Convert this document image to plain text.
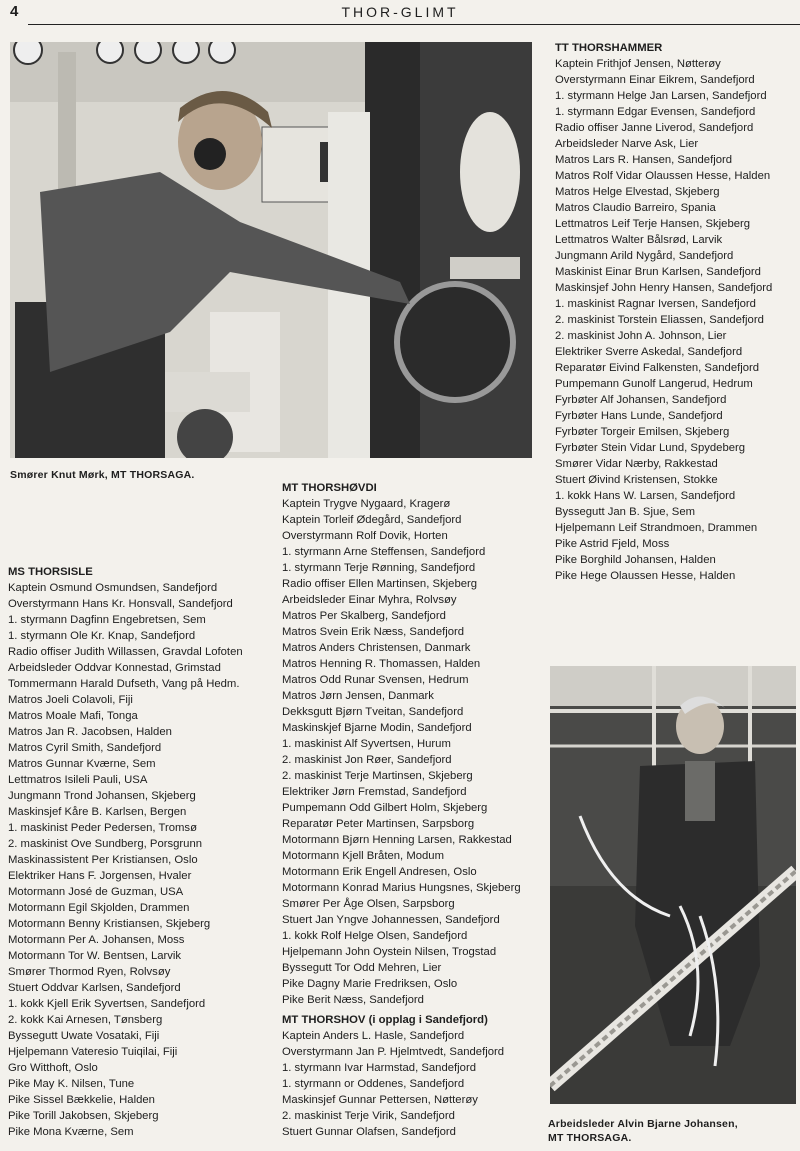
4	THOR-GLIMT
Smører Knut Mørk, MT THORSAGA.
TT THORSHAMMER
Kaptein Frithjof Jensen, Nøtterøy
Overstyrmann Einar Eikrem, Sandefjord
1. styrmann Helge Jan Larsen, Sandefjord
1. styrmann Edgar Evensen, Sandefjord
Radio offiser Janne Liverod, Sandefjord
Arbeidsleder Narve Ask, Lier
Matros Lars R. Hansen, Sandefjord
Matros Rolf Vidar Olaussen Hesse, Halden
Matros Helge Elvestad, Skjeberg
Matros Claudio Barreiro, Spania
Lettmatros Leif Terje Hansen, Skjeberg
Lettmatros Walter Bålsrød, Larvik
Jungmann Arild Nygård, Sandefjord
Maskinist Einar Brun Karlsen, Sandefjord
Maskinsjef John Henry Hansen, Sandefjord
1. maskinist Ragnar Iversen, Sandefjord
2. maskinist Torstein Eliassen, Sandefjord
2. maskinist John A. Johnson, Lier
Elektriker Sverre Askedal, Sandefjord
Reparatør Eivind Falkensten, Sandefjord
Pumpemann Gunolf Langerud, Hedrum
Fyrbøter Alf Johansen, Sandefjord
Fyrbøter Hans Lunde, Sandefjord
Fyrbøter Torgeir Emilsen, Skjeberg
Fyrbøter Stein Vidar Lund, Spydeberg
Smører Vidar Nærby, Rakkestad
Stuert Øivind Kristensen, Stokke
1. kokk Hans W. Larsen, Sandefjord
Byssegutt Jan B. Sjue, Sem
Hjelpemann Leif Strandmoen, Drammen
Pike Astrid Fjeld, Moss
Pike Borghild Johansen, Halden
Pike Hege Olaussen Hesse, Halden
MT THORSHØVDI
Kaptein Trygve Nygaard, Kragerø
Kaptein Torleif Ødegård, Sandefjord
Overstyrmann Rolf Dovik, Horten
1. styrmann Arne Steffensen, Sandefjord
1. styrmann Terje Rønning, Sandefjord
Radio offiser Ellen Martinsen, Skjeberg
Arbeidsleder Einar Myhra, Rolvsøy
Matros Per Skalberg, Sandefjord
Matros Svein Erik Næss, Sandefjord
Matros Anders Christensen, Danmark
Matros Henning R. Thomassen, Halden
Matros Odd Runar Svensen, Hedrum
Matros Jørn Jensen, Danmark
Dekksgutt Bjørn Tveitan, Sandefjord
Maskinskjef Bjarne Modin, Sandefjord
1. maskinist Alf Syvertsen, Hurum
2. maskinist Jon Røer, Sandefjord
2. maskinist Terje Martinsen, Skjeberg
Elektriker Jørn Fremstad, Sandefjord
Pumpemann Odd Gilbert Holm, Skjeberg
Reparatør Peter Martinsen, Sarpsborg
Motormann Bjørn Henning Larsen, Rakkestad
Motormann Kjell Bråten, Modum
Motormann Erik Engell Andresen, Oslo
Motormann Konrad Marius Hungsnes, Skjeberg
Smører Per Åge Olsen, Sarpsborg
Stuert Jan Yngve Johannessen, Sandefjord
1. kokk Rolf Helge Olsen, Sandefjord
Hjelpemann John Oystein Nilsen, Trogstad
Byssegutt Tor Odd Mehren, Lier
Pike Dagny Marie Fredriksen, Oslo
Pike Berit Næss, Sandefjord
MT THORSHOV (i opplag i Sandefjord)
Kaptein Anders L. Hasle, Sandefjord
Overstyrmann Jan P. Hjelmtvedt, Sandefjord
1. styrmann Ivar Harmstad, Sandefjord
1. styrmann or Oddenes, Sandefjord
Maskinsjef Gunnar Pettersen, Nøtterøy
2. maskinist Terje Virik, Sandefjord
Stuert Gunnar Olafsen, Sandefjord
MS THORSISLE
Kaptein Osmund Osmundsen, Sandefjord
Overstyrmann Hans Kr. Honsvall, Sandefjord
1. styrmann Dagfinn Engebretsen, Sem
1. styrmann Ole Kr. Knap, Sandefjord
Radio offiser Judith Willassen, Gravdal Lofoten
Arbeidsleder Oddvar Konnestad, Grimstad
Tommermann Harald Dufseth, Vang på Hedm.
Matros Joeli Colavoli, Fiji
Matros Moale Mafi, Tonga
Matros Jan R. Jacobsen, Halden
Matros Cyril Smith, Sandefjord
Matros Gunnar Kværne, Sem
Lettmatros Isileli Pauli, USA
Jungmann Trond Johansen, Skjeberg
Maskinsjef Kåre B. Karlsen, Bergen
1. maskinist Peder Pedersen, Tromsø
2. maskinist Ove Sundberg, Porsgrunn
Maskinassistent Per Kristiansen, Oslo
Elektriker Hans F. Jorgensen, Hvaler
Motormann José de Guzman, USA
Motormann Egil Skjolden, Drammen
Motormann Benny Kristiansen, Skjeberg
Motormann Per A. Johansen, Moss
Motormann Tor W. Bentsen, Larvik
Smører Thormod Ryen, Rolvsøy
Stuert Oddvar Karlsen, Sandefjord
1. kokk Kjell Erik Syvertsen, Sandefjord
2. kokk Kai Arnesen, Tønsberg
Byssegutt Uwate Vosataki, Fiji
Hjelpemann Vateresio Tuiqilai, Fiji
Gro Witthoft, Oslo
Pike May K. Nilsen, Tune
Pike Sissel Bækkelie, Halden
Pike Torill Jakobsen, Skjeberg
Pike Mona Kværne, Sem
Arbeidsleder Alvin Bjarne Johansen,
MT THORSAGA.
